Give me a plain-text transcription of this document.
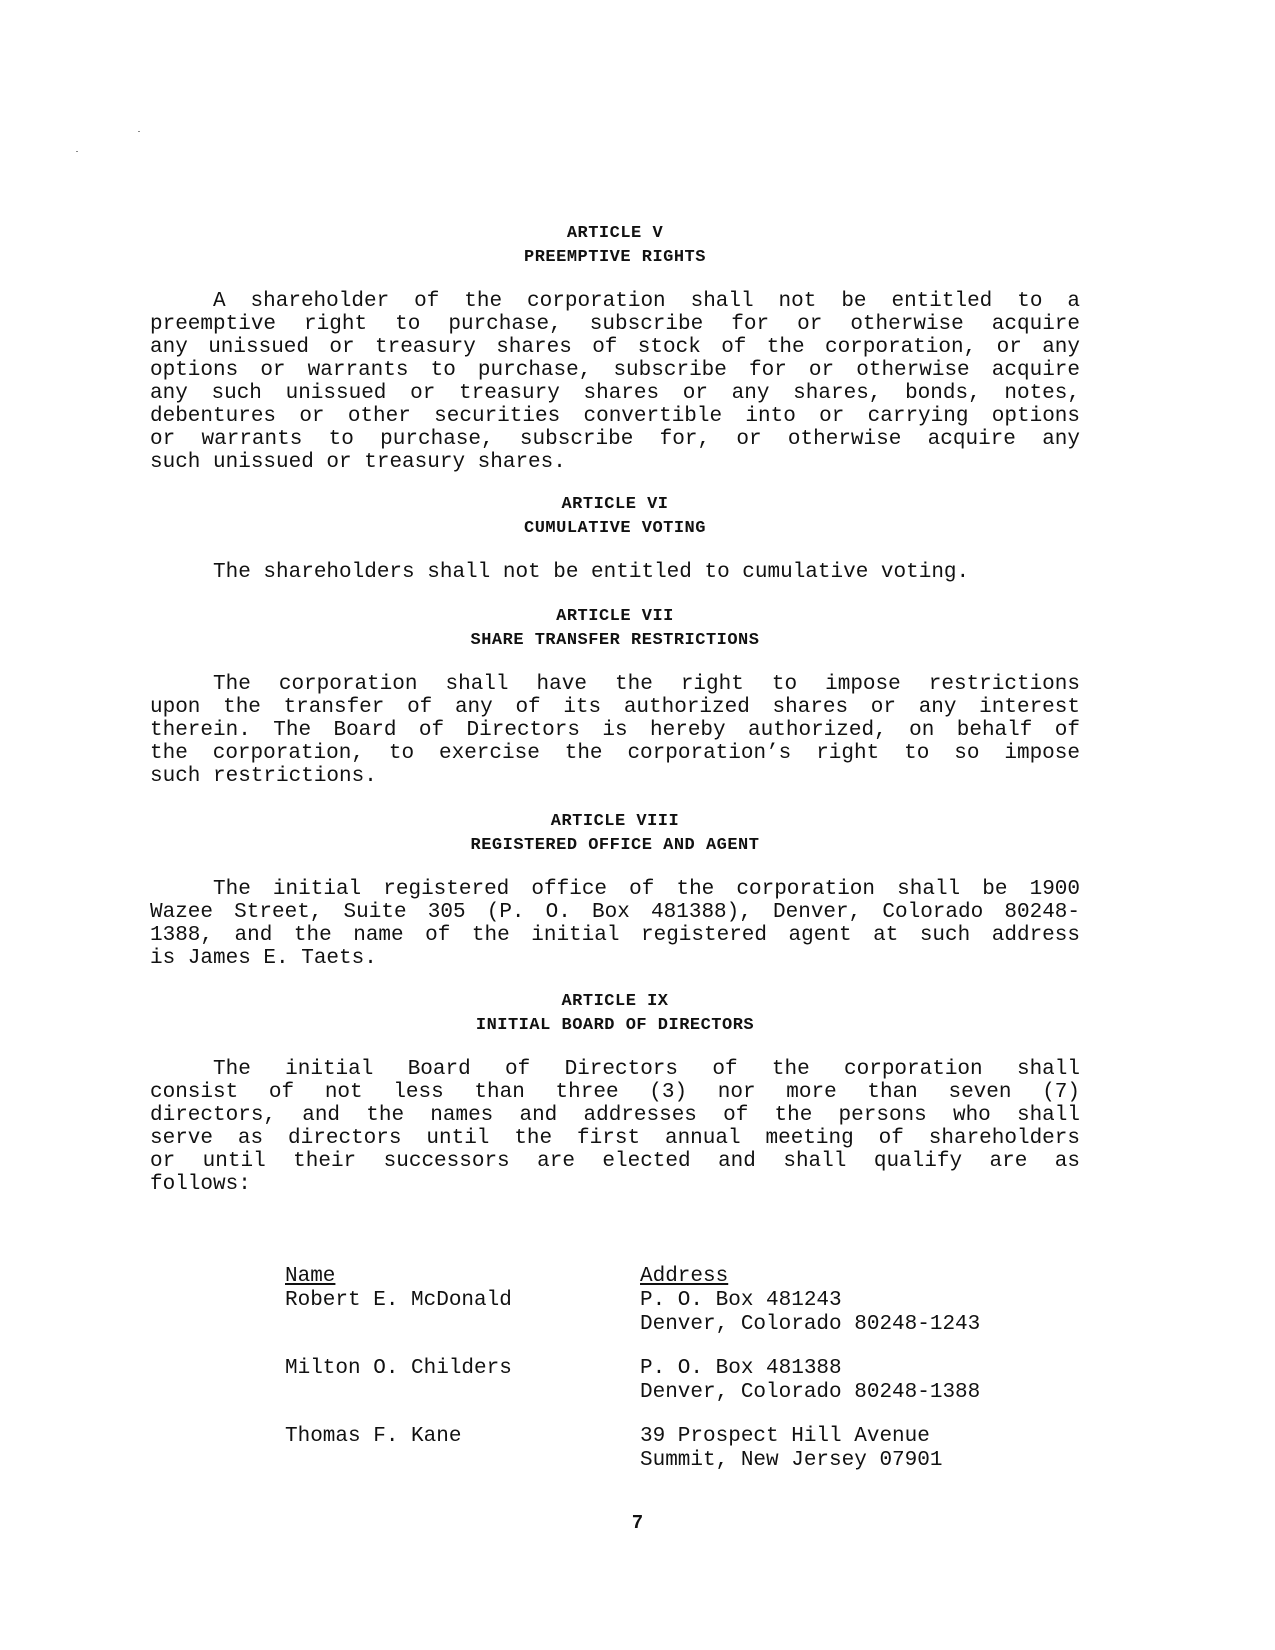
ARTICLE V
PREEMPTIVE RIGHTS
A shareholder of the corporation shall not be entitled to a
preemptive right to purchase, subscribe for or otherwise acquire
any unissued or treasury shares of stock of the corporation, or any
options or warrants to purchase, subscribe for or otherwise acquire
any such unissued or treasury shares or any shares, bonds, notes,
debentures or other securities convertible into or carrying options
or warrants to purchase, subscribe for, or otherwise acquire any
such unissued or treasury shares.
ARTICLE VI
CUMULATIVE VOTING
The shareholders shall not be entitled to cumulative voting.
ARTICLE VII
SHARE TRANSFER RESTRICTIONS
The corporation shall have the right to impose restrictions
upon the transfer of any of its authorized shares or any interest
therein. The Board of Directors is hereby authorized, on behalf of
the corporation, to exercise the corporation’s right to so impose
such restrictions.
ARTICLE VIII
REGISTERED OFFICE AND AGENT
The initial registered office of the corporation shall be 1900
Wazee Street, Suite 305 (P. O. Box 481388), Denver, Colorado 80248-
1388, and the name of the initial registered agent at such address
is James E. Taets.
ARTICLE IX
INITIAL BOARD OF DIRECTORS
The initial Board of Directors of the corporation shall
consist of not less than three (3) nor more than seven (7)
directors, and the names and addresses of the persons who shall
serve as directors until the first annual meeting of shareholders
or until their successors are elected and shall qualify are as
follows:
Name	Address
Robert E. McDonald	P. O. Box 481243
Denver, Colorado 80248-1243
Milton O. Childers	P. O. Box 481388
Denver, Colorado 80248-1388
Thomas F. Kane	39 Prospect Hill Avenue
Summit, New Jersey 07901
7
